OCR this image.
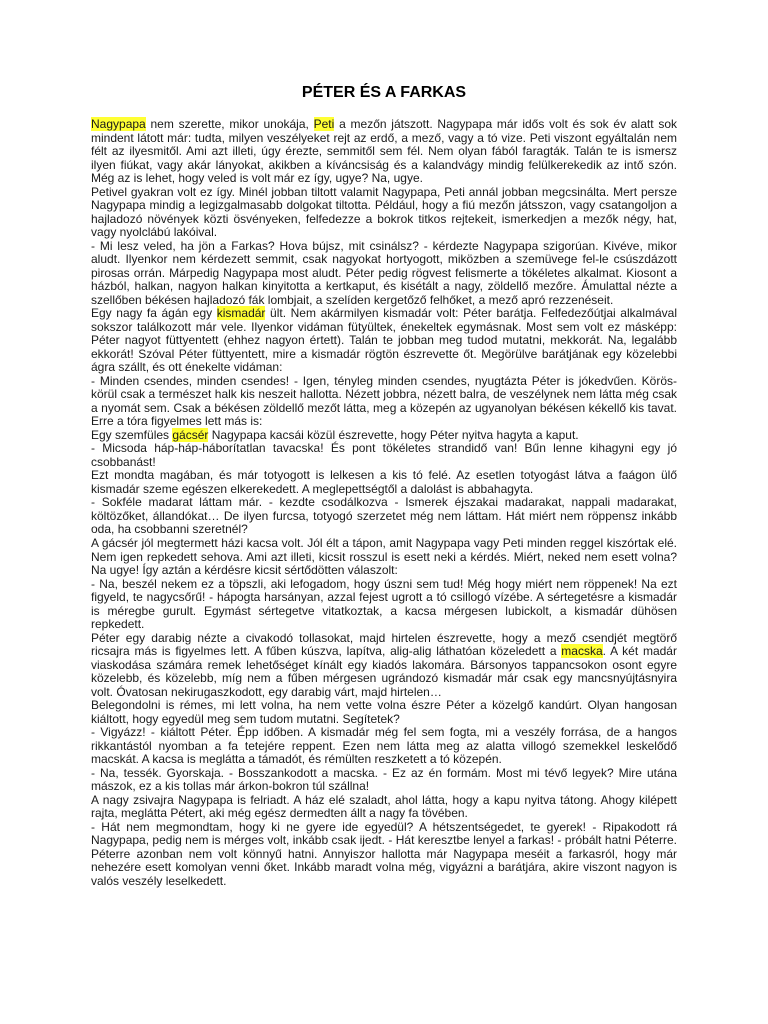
PÉTER ÉS A FARKAS

Nagypapa nem szerette, mikor unokája, Peti a mezőn játszott. Nagypapa már idős volt és sok év alatt sok mindent látott már: tudta, milyen veszélyeket rejt az erdő, a mező, vagy a tó vize. Peti viszont egyáltalán nem félt az ilyesmitől. Ami azt illeti, úgy érezte, semmitől sem fél. Nem olyan fából faragták. Talán te is ismersz ilyen fiúkat, vagy akár lányokat, akikben a kíváncsiság és a kalandvágy mindig felülkerekedik az intő szón. Még az is lehet, hogy veled is volt már ez így, ugye? Na, ugye.

Petivel gyakran volt ez így. Minél jobban tiltott valamit Nagypapa, Peti annál jobban megcsinálta. Mert persze Nagypapa mindig a legizgalmasabb dolgokat tiltotta. Például, hogy a fiú mezőn játsszon, vagy csatangoljon a hajladozó növények közti ösvényeken, felfedezze a bokrok titkos rejtekeit, ismerkedjen a mezők négy, hat, vagy nyolclábú lakóival.

- Mi lesz veled, ha jön a Farkas? Hova bújsz, mit csinálsz? - kérdezte Nagypapa szigorúan. Kivéve, mikor aludt. Ilyenkor nem kérdezett semmit, csak nagyokat hortyogott, miközben a szemüvege fel-le csúszdázott pirosas orrán. Márpedig Nagypapa most aludt. Péter pedig rögvest felismerte a tökéletes alkalmat. Kiosont a házból, halkan, nagyon halkan kinyitotta a kertkaput, és kisétált a nagy, zöldellő mezőre. Ámulattal nézte a szellőben békésen hajladozó fák lombjait, a szelíden kergetőző felhőket, a mező apró rezzenéseit.

Egy nagy fa ágán egy kismadár ült. Nem akármilyen kismadár volt: Péter barátja. Felfedezőútjai alkalmával sokszor találkozott már vele. Ilyenkor vidáman fütyültek, énekeltek egymásnak. Most sem volt ez másképp: Péter nagyot füttyentett (ehhez nagyon értett). Talán te jobban meg tudod mutatni, mekkorát. Na, legalább ekkorát! Szóval Péter füttyentett, mire a kismadár rögtön észrevette őt. Megörülve barátjának egy közelebbi ágra szállt, és ott énekelte vidáman:

- Minden csendes, minden csendes! - Igen, tényleg minden csendes, nyugtázta Péter is jókedvűen. Körös-körül csak a természet halk kis neszeit hallotta. Nézett jobbra, nézett balra, de veszélynek nem látta még csak a nyomát sem. Csak a békésen zöldellő mezőt látta, meg a közepén az ugyanolyan békésen kékellő kis tavat. Erre a tóra figyelmes lett más is:

Egy szemfüles gácsér Nagypapa kacsái közül észrevette, hogy Péter nyitva hagyta a kaput.

- Micsoda háp-háp-háborítatlan tavacska! És pont tökéletes strandidő van! Bűn lenne kihagyni egy jó csobbanást!

Ezt mondta magában, és már totyogott is lelkesen a kis tó felé. Az esetlen totyogást látva a faágon ülő kismadár szeme egészen elkerekedett. A meglepettségtől a dalolást is abbahagyta.

- Sokféle madarat láttam már. - kezdte csodálkozva - Ismerek éjszakai madarakat, nappali madarakat, költözőket, állandókat… De ilyen furcsa, totyogó szerzetet még nem láttam. Hát miért nem röppensz inkább oda, ha csobbanni szeretnél?

A gácsér jól megtermett házi kacsa volt. Jól élt a tápon, amit Nagypapa vagy Peti minden reggel kiszórtak elé. Nem igen repkedett sehova. Ami azt illeti, kicsit rosszul is esett neki a kérdés. Miért, neked nem esett volna? Na ugye! Így aztán a kérdésre kicsit sértődötten válaszolt:

- Na, beszél nekem ez a töpszli, aki lefogadom, hogy úszni sem tud! Még hogy miért nem röppenek! Na ezt figyeld, te nagycsőrű! - hápogta harsányan, azzal fejest ugrott a tó csillogó vízébe. A sértegetésre a kismadár is méregbe gurult. Egymást sértegetve vitatkoztak, a kacsa mérgesen lubickolt, a kismadár dühösen repkedett.

Péter egy darabig nézte a civakodó tollasokat, majd hirtelen észrevette, hogy a mező csendjét megtörő ricsajra más is figyelmes lett. A fűben kúszva, lapítva, alig-alig láthatóan közeledett a macska. A két madár viaskodása számára remek lehetőséget kínált egy kiadós lakomára. Bársonyos tappancsokon osont egyre közelebb, és közelebb, míg nem a fűben mérgesen ugrándozó kismadár már csak egy mancsnyújtásnyira volt. Óvatosan nekirugaszkodott, egy darabig várt, majd hirtelen…

Belegondolni is rémes, mi lett volna, ha nem vette volna észre Péter a közelgő kandúrt. Olyan hangosan kiáltott, hogy egyedül meg sem tudom mutatni. Segítetek?

- Vigyázz! - kiáltott Péter. Épp időben. A kismadár még fel sem fogta, mi a veszély forrása, de a hangos rikkantástól nyomban a fa tetejére reppent. Ezen nem látta meg az alatta villogó szemekkel leskelődő macskát. A kacsa is meglátta a támadót, és rémülten reszketett a tó közepén.

- Na, tessék. Gyorskaja. - Bosszankodott a macska. - Ez az én formám. Most mi tévő legyek? Mire utána mászok, ez a kis tollas már árkon-bokron túl szállna!

A nagy zsivajra Nagypapa is felriadt. A ház elé szaladt, ahol látta, hogy a kapu nyitva tátong. Ahogy kilépett rajta, meglátta Pétert, aki még egész dermedten állt a nagy fa tövében.

- Hát nem megmondtam, hogy ki ne gyere ide egyedül? A hétszentségedet, te gyerek! - Ripakodott rá Nagypapa, pedig nem is mérges volt, inkább csak ijedt. - Hát keresztbe lenyel a farkas! - próbált hatni Péterre. Péterre azonban nem volt könnyű hatni. Annyiszor hallotta már Nagypapa meséit a farkasról, hogy már nehezére esett komolyan venni őket. Inkább maradt volna még, vigyázni a barátjára, akire viszont nagyon is valós veszély leselkedett.
